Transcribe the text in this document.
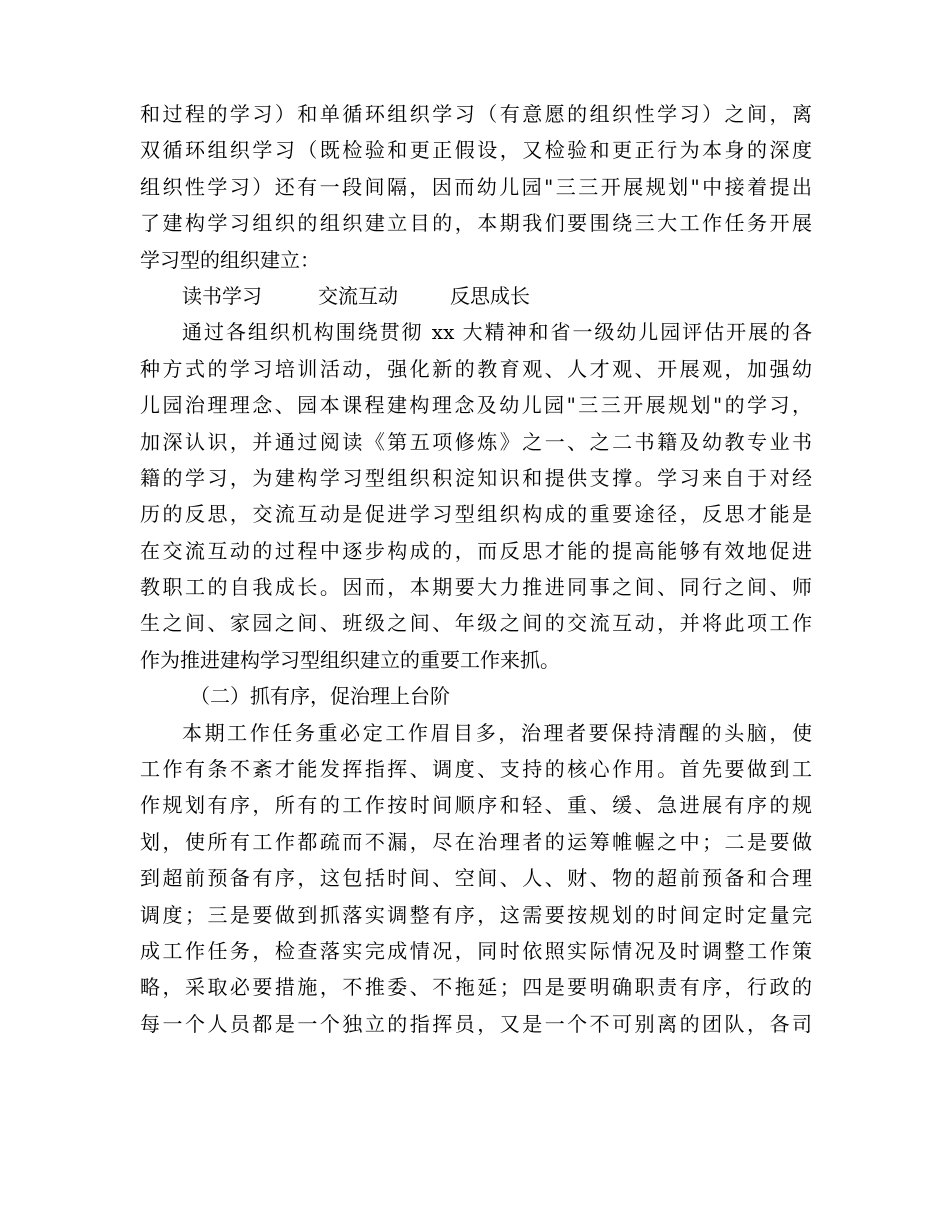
和过程的学习）和单循环组织学习（有意愿的组织性学习）之间，离
双循环组织学习（既检验和更正假设，又检验和更正行为本身的深度
组织性学习）还有一段间隔，因而幼儿园"三三开展规划"中接着提出
了建构学习组织的组织建立目的，本期我们要围绕三大工作任务开展
学习型的组织建立：
读书学习	交流互动	反思成长
通过各组织机构围绕贯彻 xx 大精神和省一级幼儿园评估开展的各
种方式的学习培训活动，强化新的教育观、人才观、开展观，加强幼
儿园治理理念、园本课程建构理念及幼儿园"三三开展规划"的学习，
加深认识，并通过阅读《第五项修炼》之一、之二书籍及幼教专业书
籍的学习，为建构学习型组织积淀知识和提供支撑。学习来自于对经
历的反思，交流互动是促进学习型组织构成的重要途径，反思才能是
在交流互动的过程中逐步构成的，而反思才能的提高能够有效地促进
教职工的自我成长。因而，本期要大力推进同事之间、同行之间、师
生之间、家园之间、班级之间、年级之间的交流互动，并将此项工作
作为推进建构学习型组织建立的重要工作来抓。
（二）抓有序，促治理上台阶
本期工作任务重必定工作眉目多，治理者要保持清醒的头脑，使
工作有条不紊才能发挥指挥、调度、支持的核心作用。首先要做到工
作规划有序，所有的工作按时间顺序和轻、重、缓、急进展有序的规
划，使所有工作都疏而不漏，尽在治理者的运筹帷幄之中；二是要做
到超前预备有序，这包括时间、空间、人、财、物的超前预备和合理
调度；三是要做到抓落实调整有序，这需要按规划的时间定时定量完
成工作任务，检查落实完成情况，同时依照实际情况及时调整工作策
略，采取必要措施，不推委、不拖延；四是要明确职责有序，行政的
每一个人员都是一个独立的指挥员，又是一个不可别离的团队，各司
